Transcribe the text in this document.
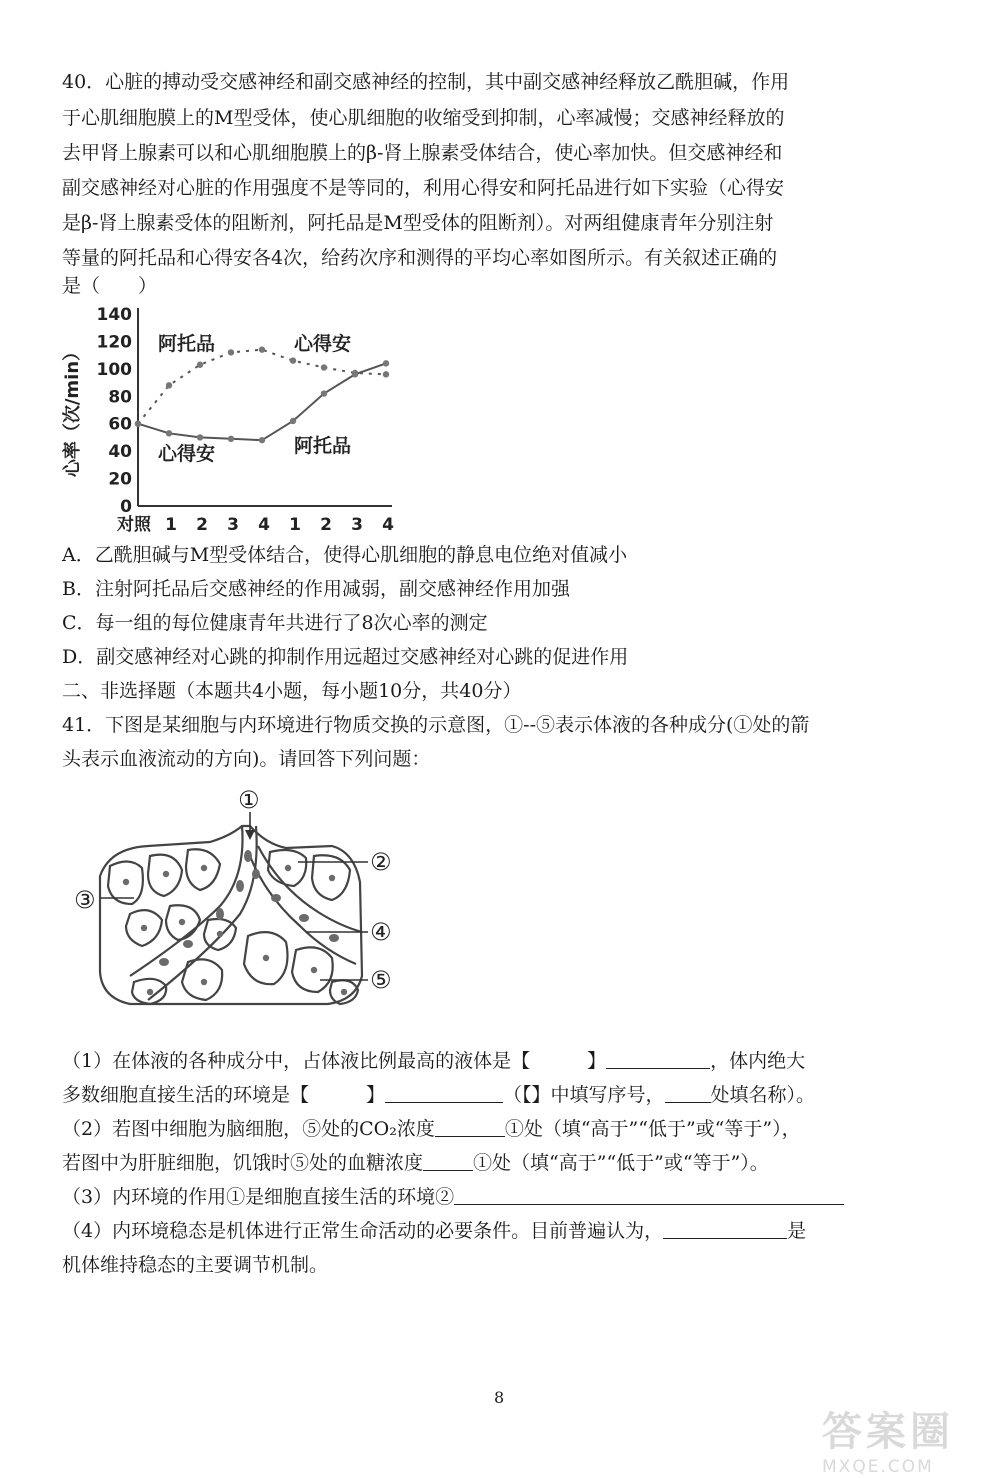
40．心脏的搏动受交感神经和副交感神经的控制，其中副交感神经释放乙酰胆碱，作用
于心肌细胞膜上的M型受体，使心肌细胞的收缩受到抑制，心率减慢；交感神经释放的
去甲肾上腺素可以和心肌细胞膜上的β-肾上腺素受体结合，使心率加快。但交感神经和
副交感神经对心脏的作用强度不是等同的，利用心得安和阿托品进行如下实验（心得安
是β-肾上腺素受体的阻断剂，阿托品是M型受体的阻断剂）。对两组健康青年分别注射
等量的阿托品和心得安各4次，给药次序和测得的平均心率如图所示。有关叙述正确的
是（　　）
0
20
40
60
80
100
120
140
心率（次/min）
对照 1 2 3 4 1 2 3 4
阿托品	心得安
心得安	阿托品
A．乙酰胆碱与M型受体结合，使得心肌细胞的静息电位绝对值减小
B．注射阿托品后交感神经的作用减弱，副交感神经作用加强
C．每一组的每位健康青年共进行了8次心率的测定
D．副交感神经对心跳的抑制作用远超过交感神经对心跳的促进作用
二、非选择题（本题共4小题，每小题10分，共40分）
41．下图是某细胞与内环境进行物质交换的示意图，①--⑤表示体液的各种成分(①处的箭
头表示血液流动的方向)。请回答下列问题：
①
②
③
④
⑤
（1）在体液的各种成分中，占体液比例最高的液体是【　　　】	，体内绝大
多数细胞直接生活的环境是【　　　】	（【】中填写序号， 处填名称）。
（2）若图中细胞为脑细胞，⑤处的CO₂浓度	①处（填“高于”“低于”或“等于”），
若图中为肝脏细胞，饥饿时⑤处的血糖浓度	①处（填“高于”“低于”或“等于”）。
（3）内环境的作用①是细胞直接生活的环境②
（4）内环境稳态是机体进行正常生命活动的必要条件。目前普遍认为，	是
机体维持稳态的主要调节机制。
8
答案圈
MXQE.COM
